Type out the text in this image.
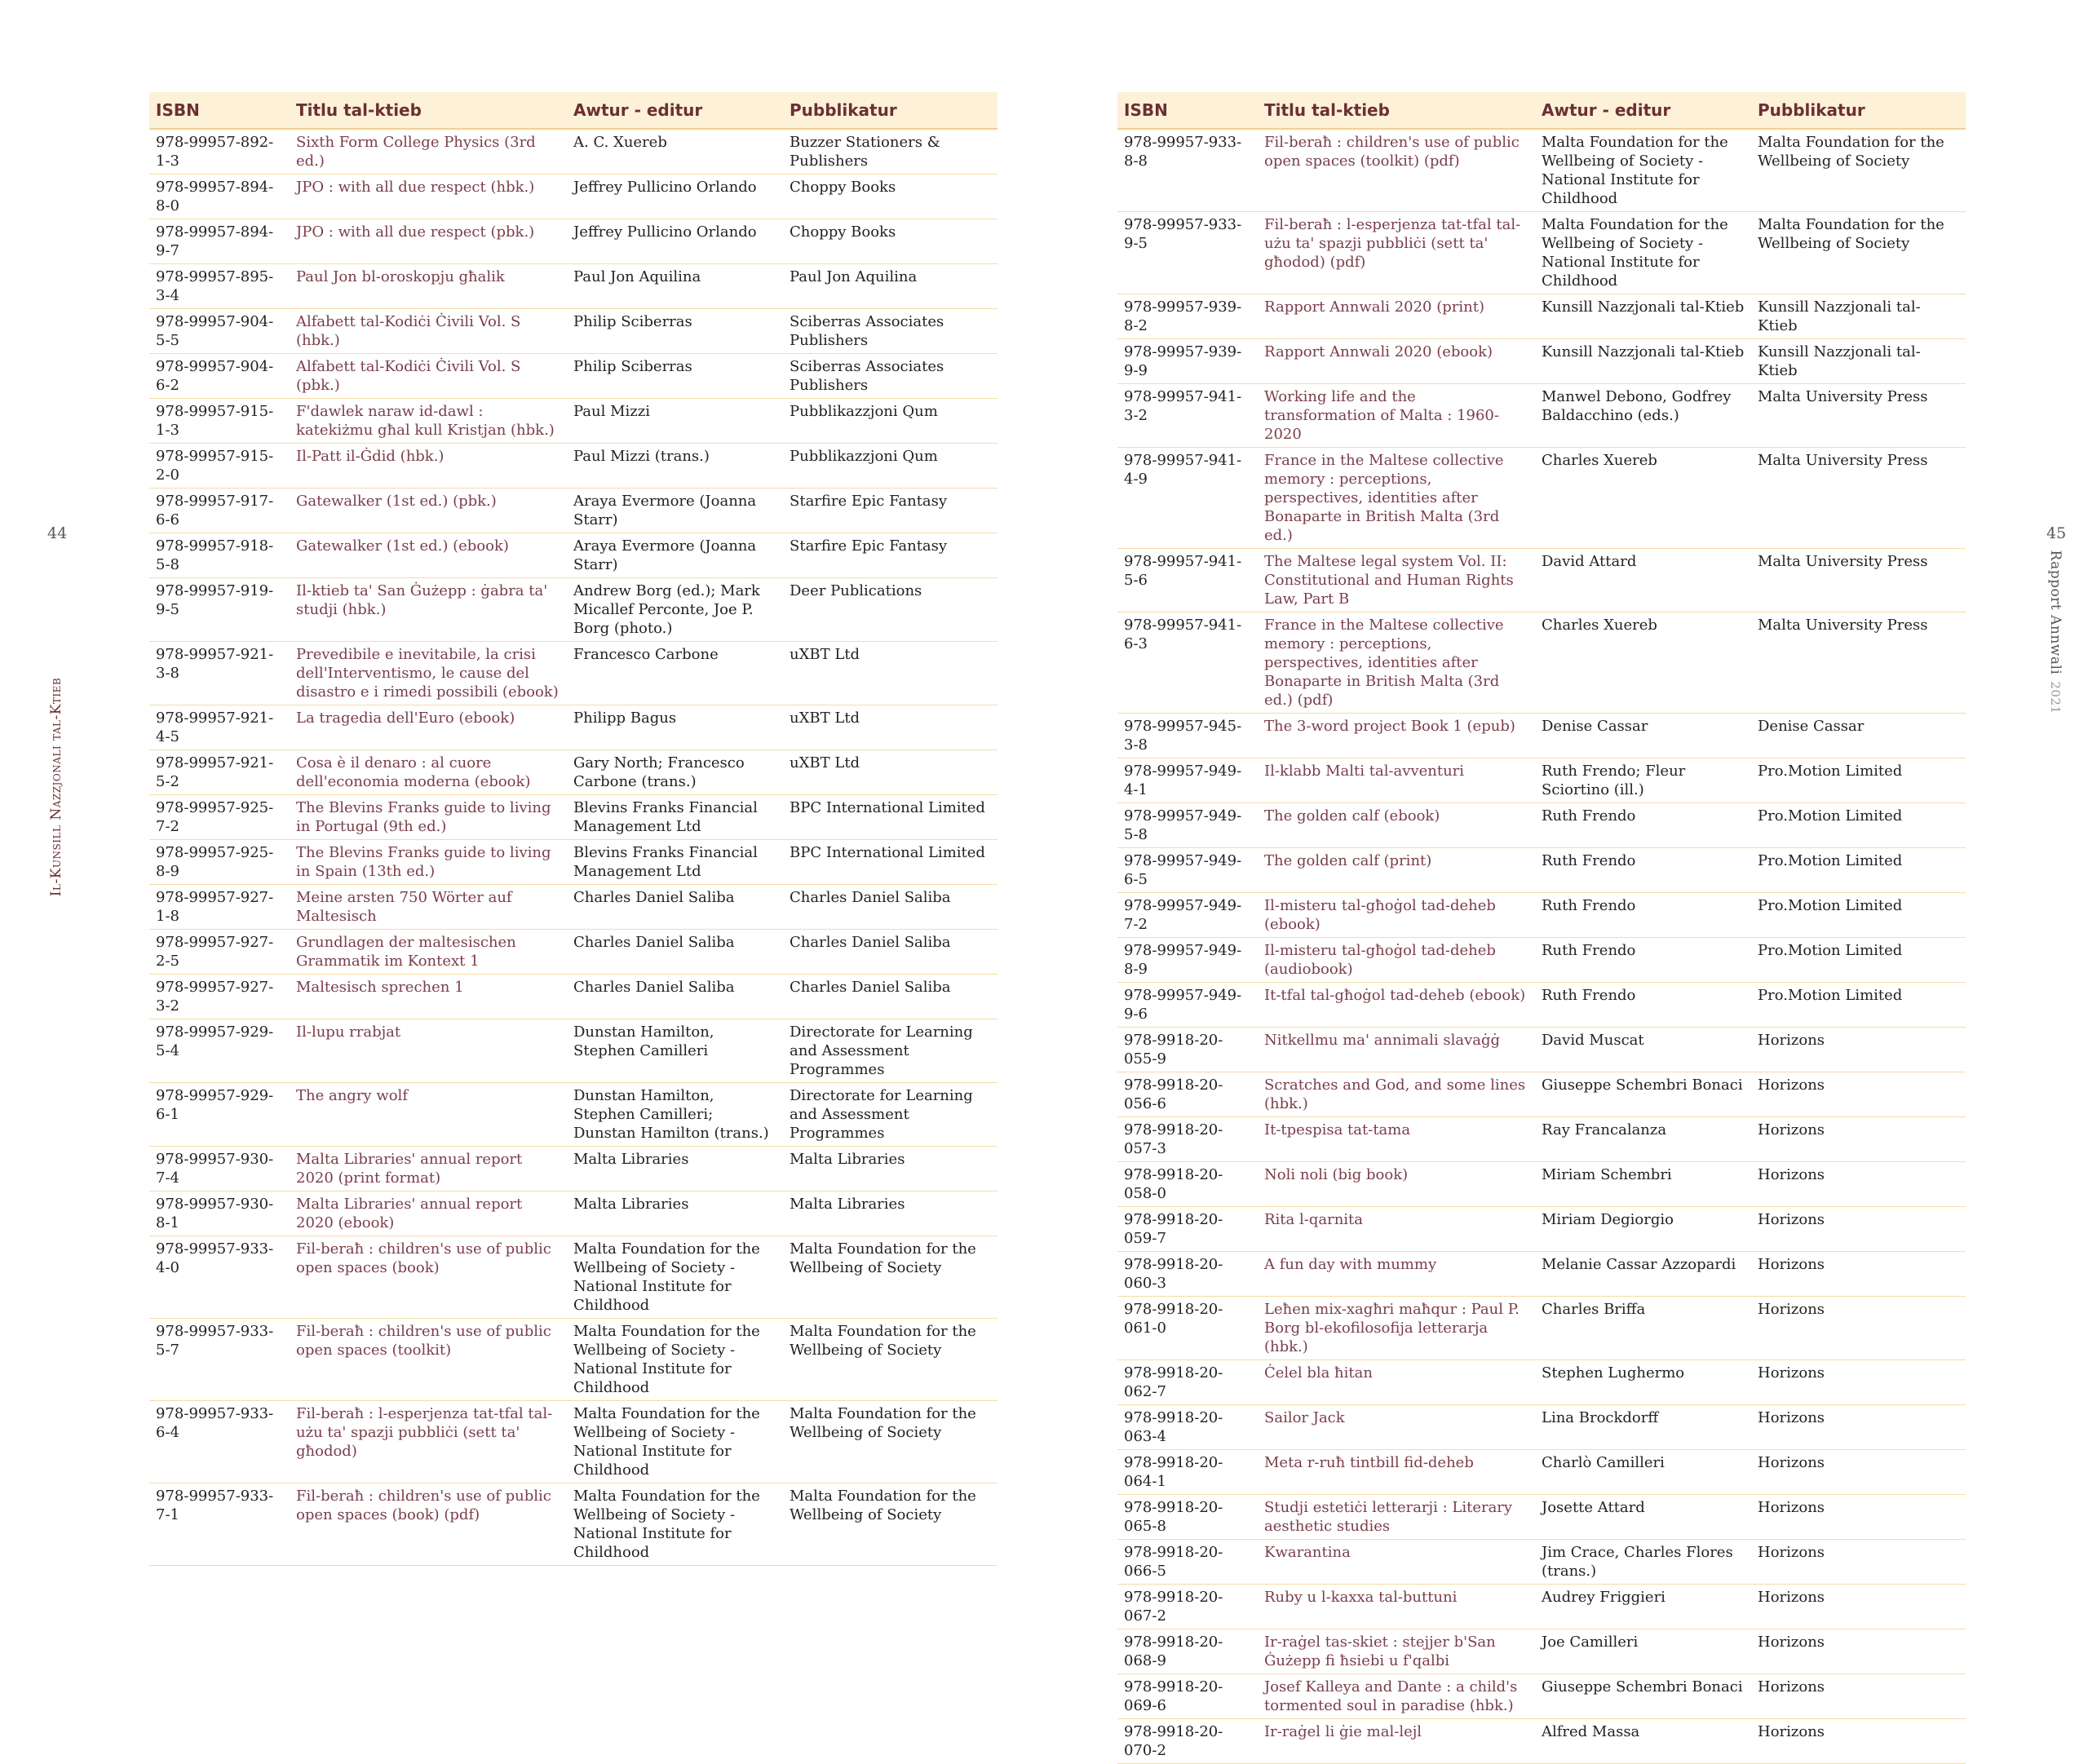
ISBN	Titlu tal-ktieb	Awtur - editur	Pubblikatur
978-99957-892-1-3	Sixth Form College Physics (3rd ed.)	A. C. Xuereb	Buzzer Stationers & Publishers
978-99957-894-8-0	JPO : with all due respect (hbk.)	Jeffrey Pullicino Orlando	Choppy Books
978-99957-894-9-7	JPO : with all due respect (pbk.)	Jeffrey Pullicino Orlando	Choppy Books
978-99957-895-3-4	Paul Jon bl-oroskopju għalik	Paul Jon Aquilina	Paul Jon Aquilina
978-99957-904-5-5	Alfabett tal-Kodiċi Ċivili Vol. S (hbk.)	Philip Sciberras	Sciberras Associates Publishers
978-99957-904-6-2	Alfabett tal-Kodiċi Ċivili Vol. S (pbk.)	Philip Sciberras	Sciberras Associates Publishers
978-99957-915-1-3	F'dawlek naraw id-dawl : katekiżmu għal kull Kristjan (hbk.)	Paul Mizzi	Pubblikazzjoni Qum
978-99957-915-2-0	Il-Patt il-Ġdid (hbk.)	Paul Mizzi (trans.)	Pubblikazzjoni Qum
978-99957-917-6-6	Gatewalker (1st ed.) (pbk.)	Araya Evermore (Joanna Starr)	Starfire Epic Fantasy
978-99957-918-5-8	Gatewalker (1st ed.) (ebook)	Araya Evermore (Joanna Starr)	Starfire Epic Fantasy
978-99957-919-9-5	Il-ktieb ta' San Ġużepp : ġabra ta' studji (hbk.)	Andrew Borg (ed.); Mark Micallef Perconte, Joe P. Borg (photo.)	Deer Publications
978-99957-921-3-8	Prevedibile e inevitabile, la crisi dell'Interventismo, le cause del disastro e i rimedi possibili (ebook)	Francesco Carbone	uXBT Ltd
978-99957-921-4-5	La tragedia dell'Euro (ebook)	Philipp Bagus	uXBT Ltd
978-99957-921-5-2	Cosa è il denaro : al cuore dell'economia moderna (ebook)	Gary North; Francesco Carbone (trans.)	uXBT Ltd
978-99957-925-7-2	The Blevins Franks guide to living in Portugal (9th ed.)	Blevins Franks Financial Management Ltd	BPC International Limited
978-99957-925-8-9	The Blevins Franks guide to living in Spain (13th ed.)	Blevins Franks Financial Management Ltd	BPC International Limited
978-99957-927-1-8	Meine arsten 750 Wörter auf Maltesisch	Charles Daniel Saliba	Charles Daniel Saliba
978-99957-927-2-5	Grundlagen der maltesischen Grammatik im Kontext 1	Charles Daniel Saliba	Charles Daniel Saliba
978-99957-927-3-2	Maltesisch sprechen 1	Charles Daniel Saliba	Charles Daniel Saliba
978-99957-929-5-4	Il-lupu rrabjat	Dunstan Hamilton, Stephen Camilleri	Directorate for Learning and Assessment Programmes
978-99957-929-6-1	The angry wolf	Dunstan Hamilton, Stephen Camilleri; Dunstan Hamilton (trans.)	Directorate for Learning and Assessment Programmes
978-99957-930-7-4	Malta Libraries' annual report 2020 (print format)	Malta Libraries	Malta Libraries
978-99957-930-8-1	Malta Libraries' annual report 2020 (ebook)	Malta Libraries	Malta Libraries
978-99957-933-4-0	Fil-beraħ : children's use of public open spaces (book)	Malta Foundation for the Wellbeing of Society - National Institute for Childhood	Malta Foundation for the Wellbeing of Society
978-99957-933-5-7	Fil-beraħ : children's use of public open spaces (toolkit)	Malta Foundation for the Wellbeing of Society - National Institute for Childhood	Malta Foundation for the Wellbeing of Society
978-99957-933-6-4	Fil-beraħ : l-esperjenza tat-tfal tal-użu ta' spazji pubbliċi (sett ta' għodod)	Malta Foundation for the Wellbeing of Society - National Institute for Childhood	Malta Foundation for the Wellbeing of Society
978-99957-933-7-1	Fil-beraħ : children's use of public open spaces (book) (pdf)	Malta Foundation for the Wellbeing of Society - National Institute for Childhood	Malta Foundation for the Wellbeing of Society
ISBN	Titlu tal-ktieb	Awtur - editur	Pubblikatur
978-99957-933-8-8	Fil-beraħ : children's use of public open spaces (toolkit) (pdf)	Malta Foundation for the Wellbeing of Society - National Institute for Childhood	Malta Foundation for the Wellbeing of Society
978-99957-933-9-5	Fil-beraħ : l-esperjenza tat-tfal tal-użu ta' spazji pubbliċi (sett ta' għodod) (pdf)	Malta Foundation for the Wellbeing of Society - National Institute for Childhood	Malta Foundation for the Wellbeing of Society
978-99957-939-8-2	Rapport Annwali 2020 (print)	Kunsill Nazzjonali tal-Ktieb	Kunsill Nazzjonali tal-Ktieb
978-99957-939-9-9	Rapport Annwali 2020 (ebook)	Kunsill Nazzjonali tal-Ktieb	Kunsill Nazzjonali tal-Ktieb
978-99957-941-3-2	Working life and the transformation of Malta : 1960-2020	Manwel Debono, Godfrey Baldacchino (eds.)	Malta University Press
978-99957-941-4-9	France in the Maltese collective memory : perceptions, perspectives, identities after Bonaparte in British Malta (3rd ed.)	Charles Xuereb	Malta University Press
978-99957-941-5-6	The Maltese legal system Vol. II: Constitutional and Human Rights Law, Part B	David Attard	Malta University Press
978-99957-941-6-3	France in the Maltese collective memory : perceptions, perspectives, identities after Bonaparte in British Malta (3rd ed.) (pdf)	Charles Xuereb	Malta University Press
978-99957-945-3-8	The 3-word project Book 1 (epub)	Denise Cassar	Denise Cassar
978-99957-949-4-1	Il-klabb Malti tal-avventuri	Ruth Frendo; Fleur Sciortino (ill.)	Pro.Motion Limited
978-99957-949-5-8	The golden calf (ebook)	Ruth Frendo	Pro.Motion Limited
978-99957-949-6-5	The golden calf (print)	Ruth Frendo	Pro.Motion Limited
978-99957-949-7-2	Il-misteru tal-għoġol tad-deheb (ebook)	Ruth Frendo	Pro.Motion Limited
978-99957-949-8-9	Il-misteru tal-għoġol tad-deheb (audiobook)	Ruth Frendo	Pro.Motion Limited
978-99957-949-9-6	It-tfal tal-għoġol tad-deheb (ebook)	Ruth Frendo	Pro.Motion Limited
978-9918-20-055-9	Nitkellmu ma' annimali slavaġġ	David Muscat	Horizons
978-9918-20-056-6	Scratches and God, and some lines (hbk.)	Giuseppe Schembri Bonaci	Horizons
978-9918-20-057-3	It-tpespisa tat-tama	Ray Francalanza	Horizons
978-9918-20-058-0	Noli noli (big book)	Miriam Schembri	Horizons
978-9918-20-059-7	Rita l-qarnita	Miriam Degiorgio	Horizons
978-9918-20-060-3	A fun day with mummy	Melanie Cassar Azzopardi	Horizons
978-9918-20-061-0	Leħen mix-xagħri maħqur : Paul P. Borg bl-ekofilosofija letterarja (hbk.)	Charles Briffa	Horizons
978-9918-20-062-7	Ċelel bla ħitan	Stephen Lughermo	Horizons
978-9918-20-063-4	Sailor Jack	Lina Brockdorff	Horizons
978-9918-20-064-1	Meta r-ruħ tintbill fid-deheb	Charlò Camilleri	Horizons
978-9918-20-065-8	Studji estetiċi letterarji : Literary aesthetic studies	Josette Attard	Horizons
978-9918-20-066-5	Kwarantina	Jim Crace, Charles Flores (trans.)	Horizons
978-9918-20-067-2	Ruby u l-kaxxa tal-buttuni	Audrey Friggieri	Horizons
978-9918-20-068-9	Ir-raġel tas-skiet : stejjer b'San Ġużepp fi ħsiebi u f'qalbi	Joe Camilleri	Horizons
978-9918-20-069-6	Josef Kalleya and Dante : a child's tormented soul in paradise (hbk.)	Giuseppe Schembri Bonaci	Horizons
978-9918-20-070-2	Ir-raġel li ġie mal-lejl	Alfred Massa	Horizons
44	45
Il-Kunsill Nazzjonali tal-Ktieb
Rapport Annwali2021
